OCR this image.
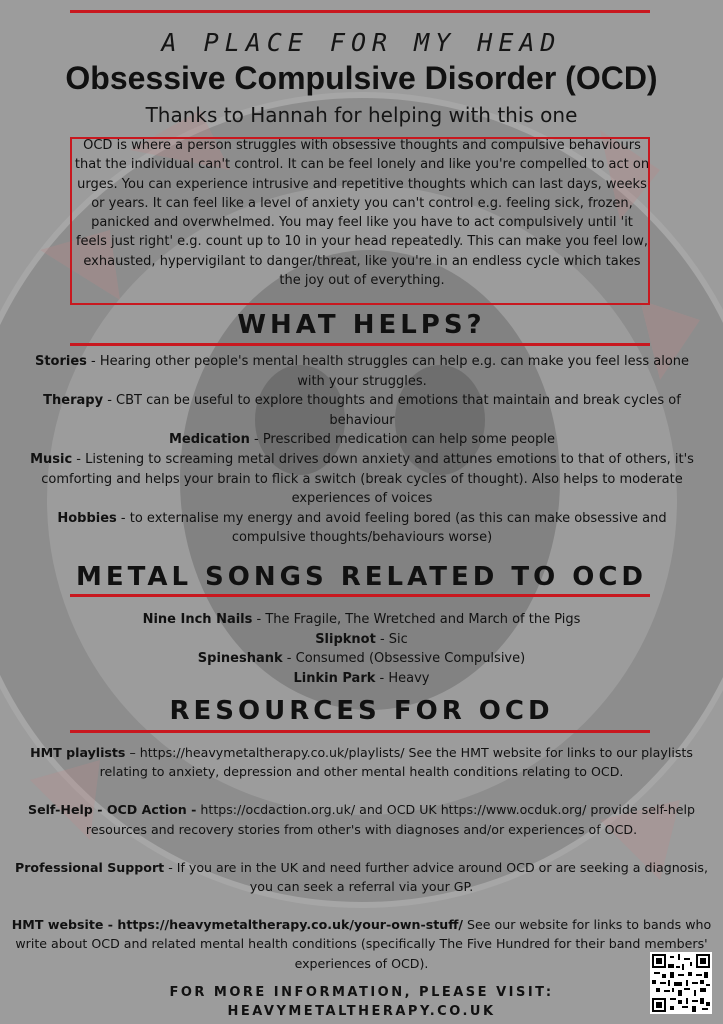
A PLACE FOR MY HEAD
Obsessive Compulsive Disorder (OCD)
Thanks to Hannah for helping with this one
OCD is where a person struggles with obsessive thoughts and compulsive behaviours that the individual can't control. It can be feel lonely and like you're compelled to act on urges. You can experience intrusive and repetitive thoughts which can last days, weeks or years. It can feel like a level of anxiety you can't control e.g. feeling sick, frozen, panicked and overwhelmed. You may feel like you have to act compulsively until 'it feels just right' e.g. count up to 10 in your head repeatedly. This can make you feel low, exhausted, hypervigilant to danger/threat, like you're in an endless cycle which takes the joy out of everything.
WHAT HELPS?

Stories - Hearing other people's mental health struggles can help e.g. can make you feel less alone with your struggles.

Therapy - CBT can be useful to explore thoughts and emotions that maintain and break cycles of behaviour

Medication - Prescribed medication can help some people

Music - Listening to screaming metal drives down anxiety and attunes emotions to that of others, it's comforting and helps your brain to flick a switch (break cycles of thought). Also helps to moderate experiences of voices

Hobbies - to externalise my energy and avoid feeling bored (as this can make obsessive and compulsive thoughts/behaviours worse)

METAL SONGS RELATED TO OCD

Nine Inch Nails - The Fragile, The Wretched and March of the Pigs

Slipknot - Sic

Spineshank - Consumed (Obsessive Compulsive)

Linkin Park - Heavy

RESOURCES FOR OCD

HMT playlists – https://heavymetaltherapy.co.uk/playlists/ See the HMT website for links to our playlists relating to anxiety, depression and other mental health conditions relating to OCD.

Self-Help - OCD Action - https://ocdaction.org.uk/ and OCD UK https://www.ocduk.org/ provide self-help resources and recovery stories from other's with diagnoses and/or experiences of OCD.

Professional Support - If you are in the UK and need further advice around OCD or are seeking a diagnosis, you can seek a referral via your GP.

HMT website - https://heavymetaltherapy.co.uk/your-own-stuff/ See our website for links to bands who write about OCD and related mental health conditions (specifically The Five Hundred for their band members' experiences of OCD).

FOR MORE INFORMATION, PLEASE VISIT:
HEAVYMETALTHERAPY.CO.UK
